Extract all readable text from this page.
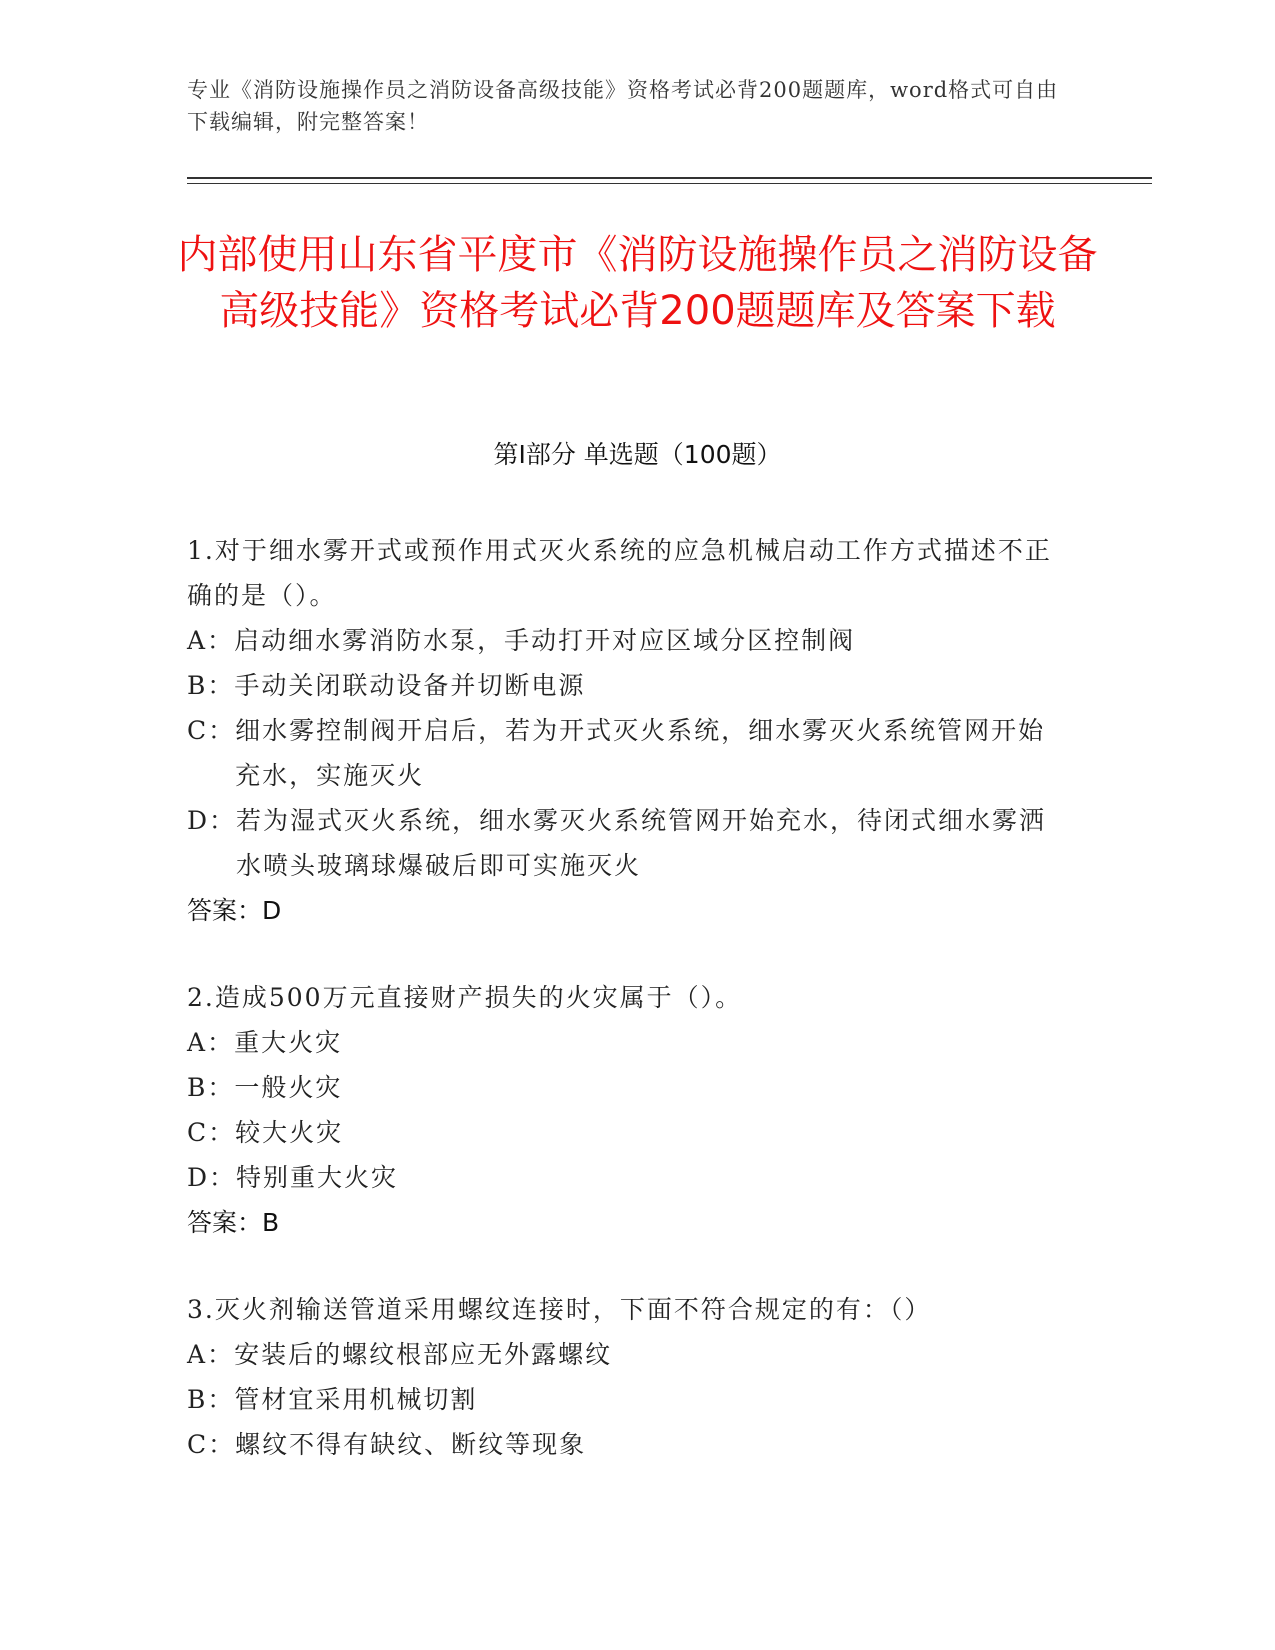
专业《消防设施操作员之消防设备高级技能》资格考试必背200题题库，word格式可自由下载编辑，附完整答案！
内部使用山东省平度市《消防设施操作员之消防设备高级技能》资格考试必背200题题库及答案下载
第Ⅰ部分 单选题（100题）
1.对于细水雾开式或预作用式灭火系统的应急机械启动工作方式描述不正确的是（）。
A： 启动细水雾消防水泵，手动打开对应区域分区控制阀
B： 手动关闭联动设备并切断电源
C： 细水雾控制阀开启后，若为开式灭火系统，细水雾灭火系统管网开始充水，实施灭火
D： 若为湿式灭火系统，细水雾灭火系统管网开始充水，待闭式细水雾洒水喷头玻璃球爆破后即可实施灭火
答案：D
2.造成500万元直接财产损失的火灾属于（）。
A： 重大火灾
B： 一般火灾
C： 较大火灾
D： 特别重大火灾
答案：B
3.灭火剂输送管道采用螺纹连接时，下面不符合规定的有：（）
A： 安装后的螺纹根部应无外露螺纹
B： 管材宜采用机械切割
C： 螺纹不得有缺纹、断纹等现象
